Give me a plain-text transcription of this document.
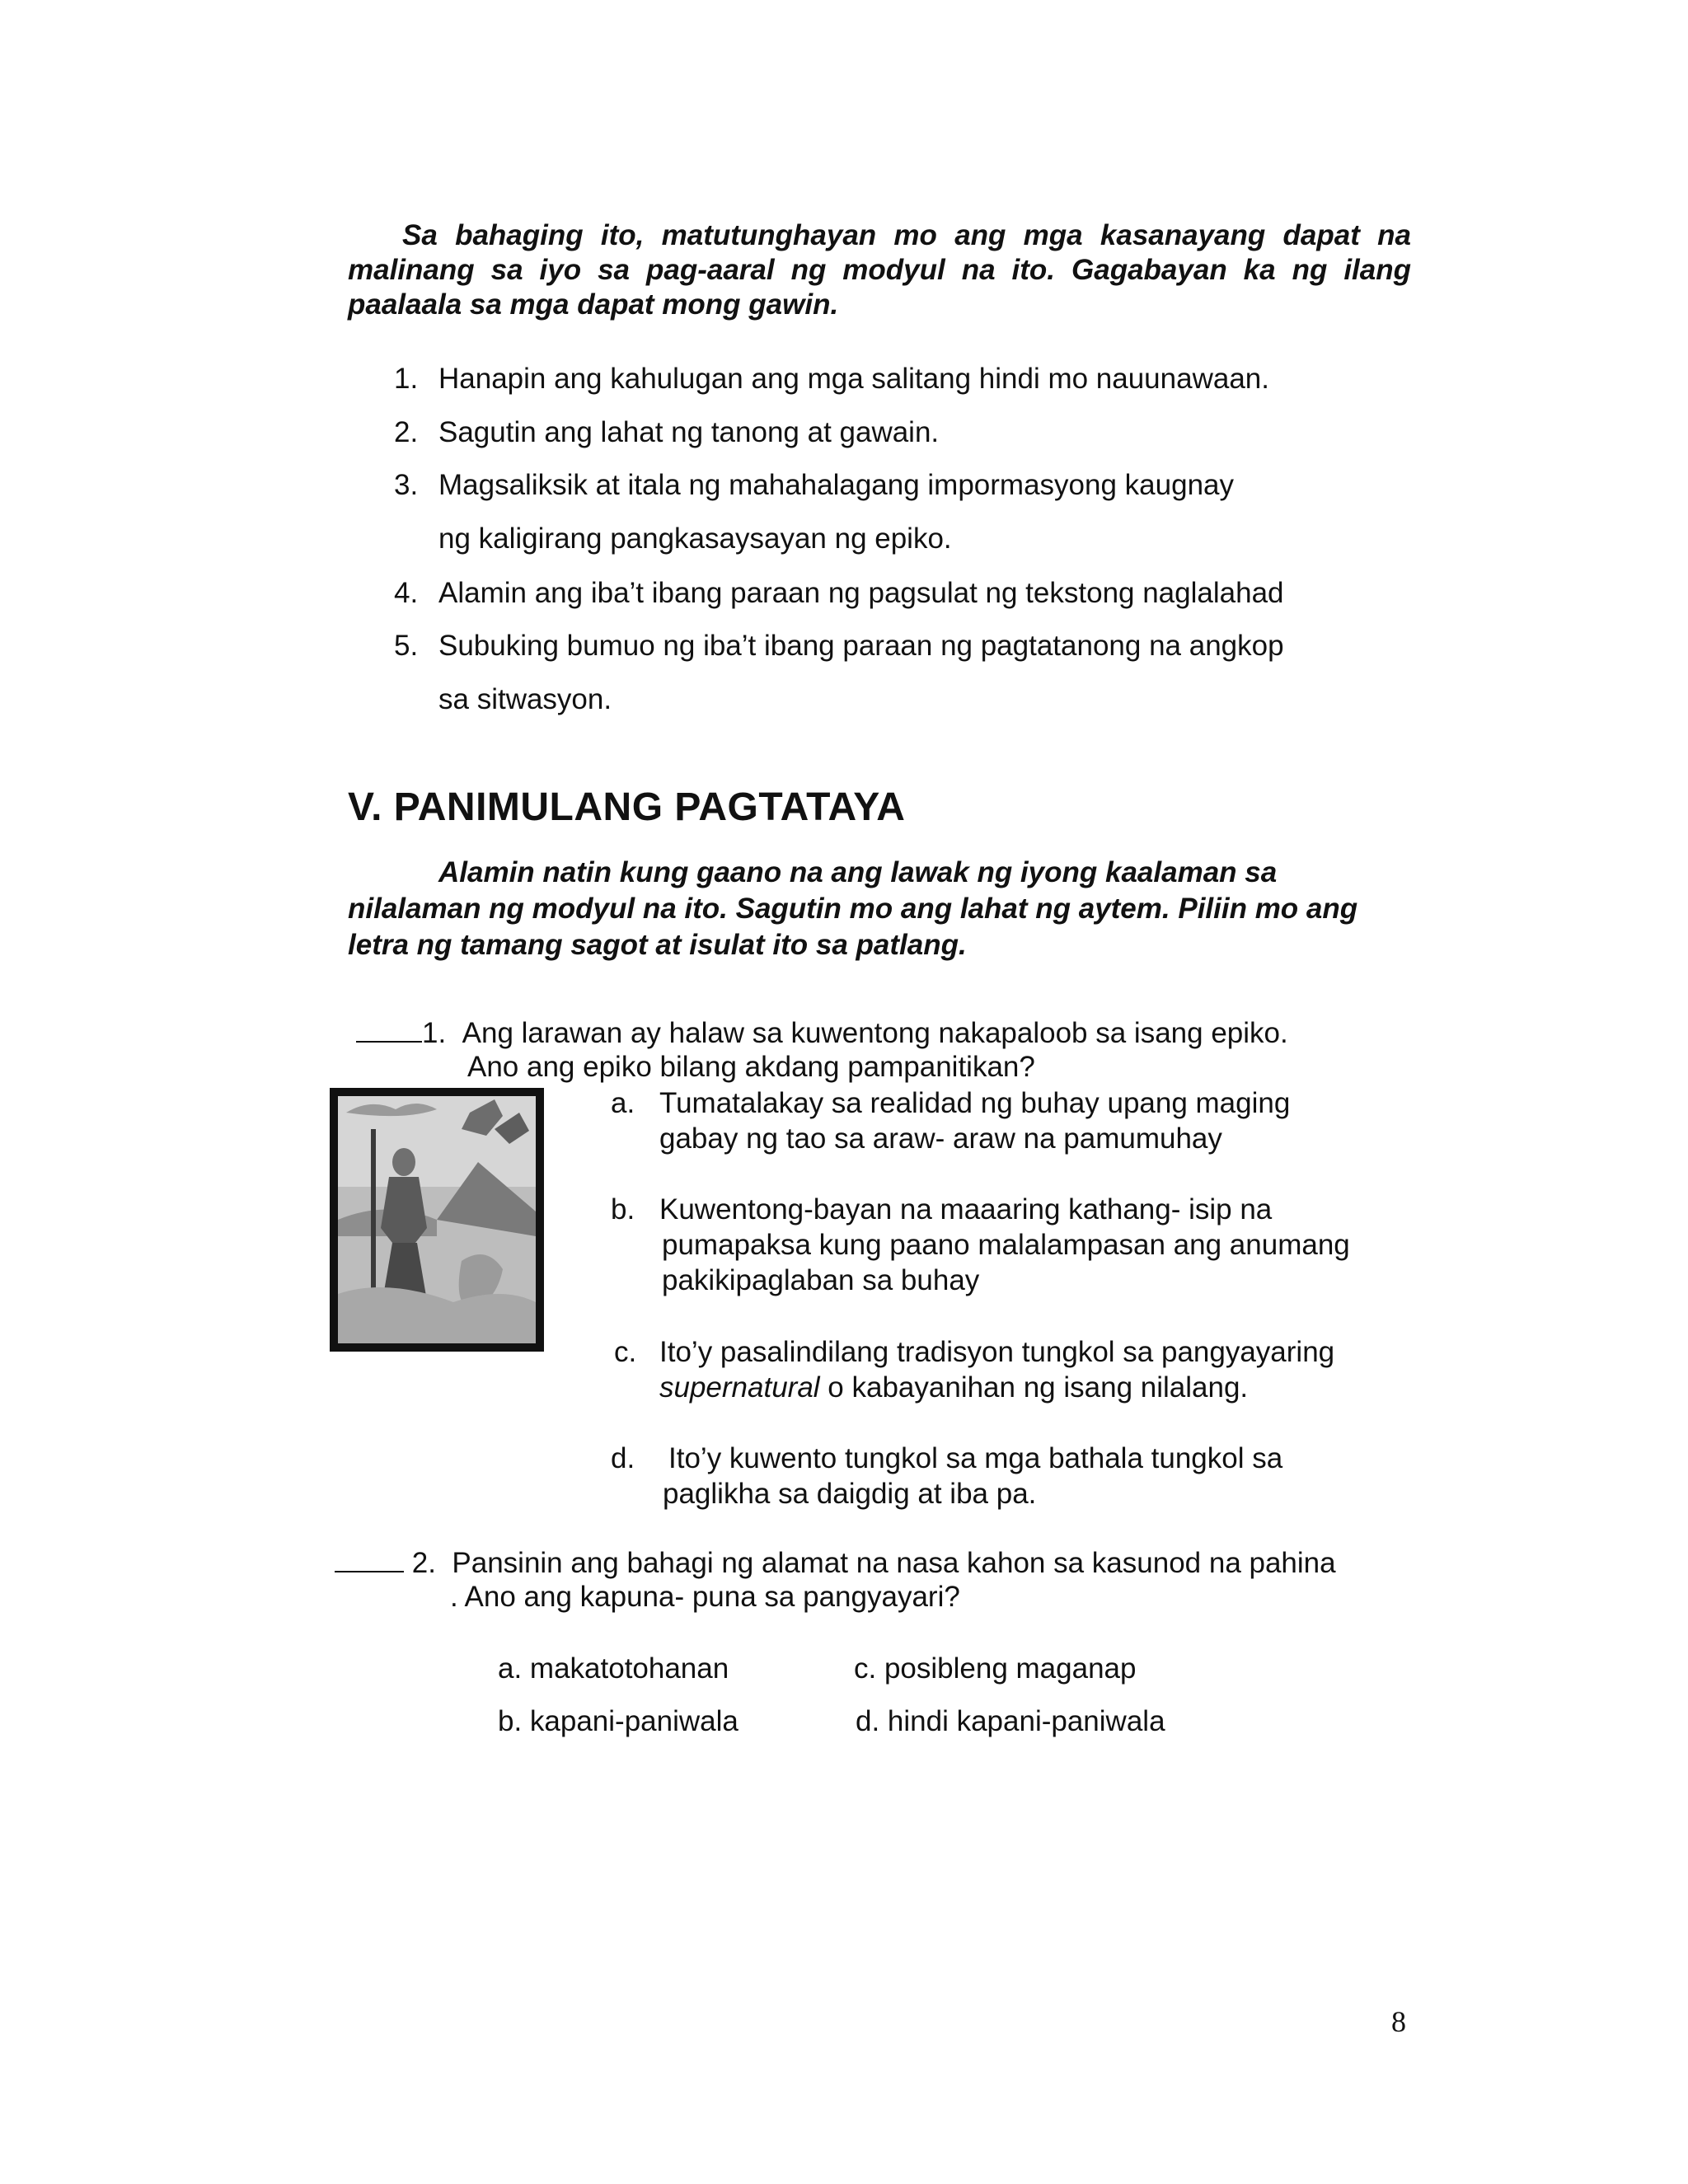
Sa bahaging ito, matutunghayan mo ang mga kasanayang dapat na malinang sa iyo sa pag-aaral ng modyul na ito. Gagabayan ka ng ilang paalaala sa mga dapat mong gawin.
1. Hanapin ang kahulugan ang mga salitang hindi mo nauunawaan.
2. Sagutin ang lahat ng tanong at gawain.
3. Magsaliksik at itala ng mahahalagang impormasyong kaugnay
ng kaligirang pangkasaysayan ng epiko.
4. Alamin ang iba’t ibang paraan ng pagsulat ng tekstong naglalahad
5. Subuking bumuo ng iba’t ibang paraan ng pagtatanong na angkop
sa sitwasyon.
V. PANIMULANG PAGTATAYA
Alamin natin kung gaano na ang lawak ng iyong kaalaman sa nilalaman ng modyul na ito. Sagutin mo ang lahat ng aytem. Piliin mo ang letra ng tamang sagot at isulat ito sa patlang.
1. Ang larawan ay halaw sa kuwentong nakapaloob sa isang epiko.
Ano ang epiko bilang akdang pampanitikan?
a. Tumatalakay sa realidad ng buhay upang maging
gabay ng tao sa araw- araw na pamumuhay
b. Kuwentong-bayan na maaaring kathang- isip na
pumapaksa kung paano malalampasan ang anumang
pakikipaglaban sa buhay
c. Ito’y pasalindilang tradisyon tungkol sa pangyayaring
supernatural o kabayanihan ng isang nilalang.
d. Ito’y kuwento tungkol sa mga bathala tungkol sa
paglikha sa daigdig at iba pa.
2. Pansinin ang bahagi ng alamat na nasa kahon sa kasunod na pahina
. Ano ang kapuna- puna sa pangyayari?
a. makatotohanan	c. posibleng maganap
b. kapani-paniwala	d. hindi kapani-paniwala
8
